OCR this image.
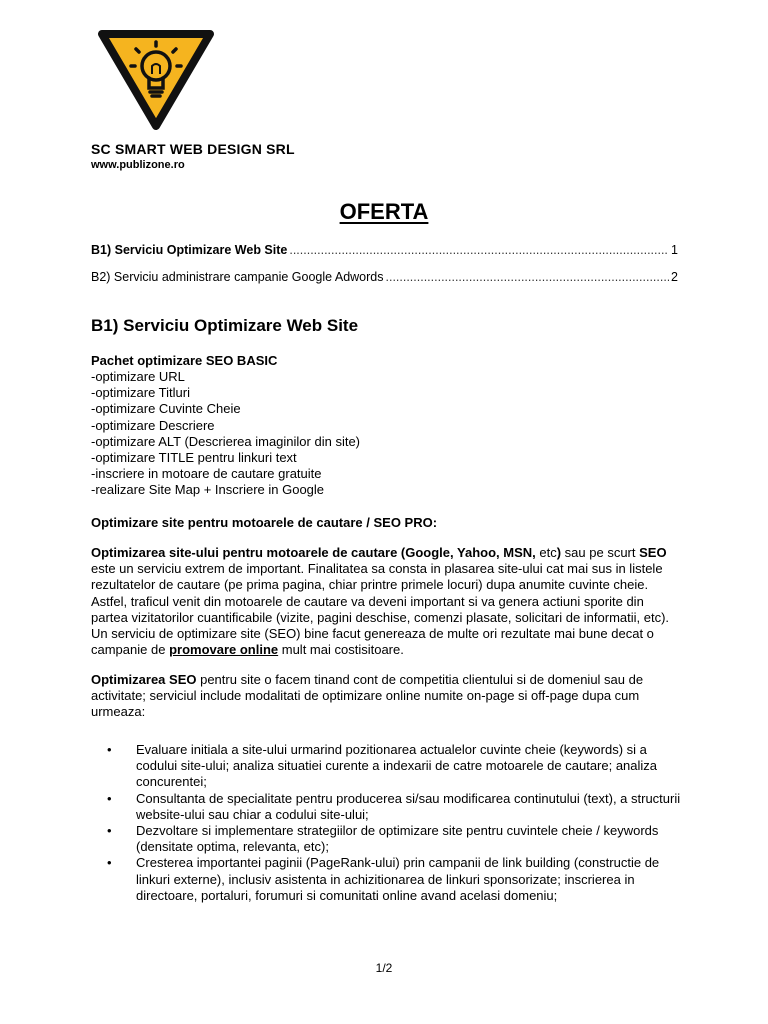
SC SMART WEB DESIGN SRL
www.publizone.ro
OFERTA
B1) Serviciu Optimizare Web Site .....	1
B2) Serviciu administrare campanie Google Adwords .....	2
B1) Serviciu Optimizare Web Site
Pachet optimizare SEO BASIC
-optimizare URL
-optimizare Titluri
-optimizare Cuvinte Cheie
-optimizare Descriere
-optimizare ALT (Descrierea imaginilor din site)
-optimizare TITLE pentru linkuri text
-inscriere in motoare de cautare gratuite
-realizare Site Map + Inscriere in Google
Optimizare site pentru motoarele de cautare / SEO PRO:
Optimizarea site-ului pentru motoarele de cautare (Google, Yahoo, MSN, etc) sau pe scurt SEO este un serviciu extrem de important. Finalitatea sa consta in plasarea site-ului cat mai sus in listele rezultatelor de cautare (pe prima pagina, chiar printre primele locuri) dupa anumite cuvinte cheie. Astfel, traficul venit din motoarele de cautare va deveni important si va genera actiuni sporite din partea vizitatorilor cuantificabile (vizite, pagini deschise, comenzi plasate, solicitari de informatii, etc). Un serviciu de optimizare site (SEO) bine facut genereaza de multe ori rezultate mai bune decat o campanie de promovare online mult mai costisitoare.
Optimizarea SEO pentru site o facem tinand cont de competitia clientului si de domeniul sau de activitate; serviciul include modalitati de optimizare online numite on-page si off-page dupa cum urmeaza:
• Evaluare initiala a site-ului urmarind pozitionarea actualelor cuvinte cheie (keywords) si a codului site-ului; analiza situatiei curente a indexarii de catre motoarele de cautare; analiza concurentei;
• Consultanta de specialitate pentru producerea si/sau modificarea continutului (text), a structurii website-ului sau chiar a codului site-ului;
• Dezvoltare si implementare strategiilor de optimizare site pentru cuvintele cheie / keywords (densitate optima, relevanta, etc);
• Cresterea importantei paginii (PageRank-ului) prin campanii de link building (constructie de linkuri externe), inclusiv asistenta in achizitionarea de linkuri sponsorizate; inscrierea in directoare, portaluri, forumuri si comunitati online avand acelasi domeniu;
1/2
